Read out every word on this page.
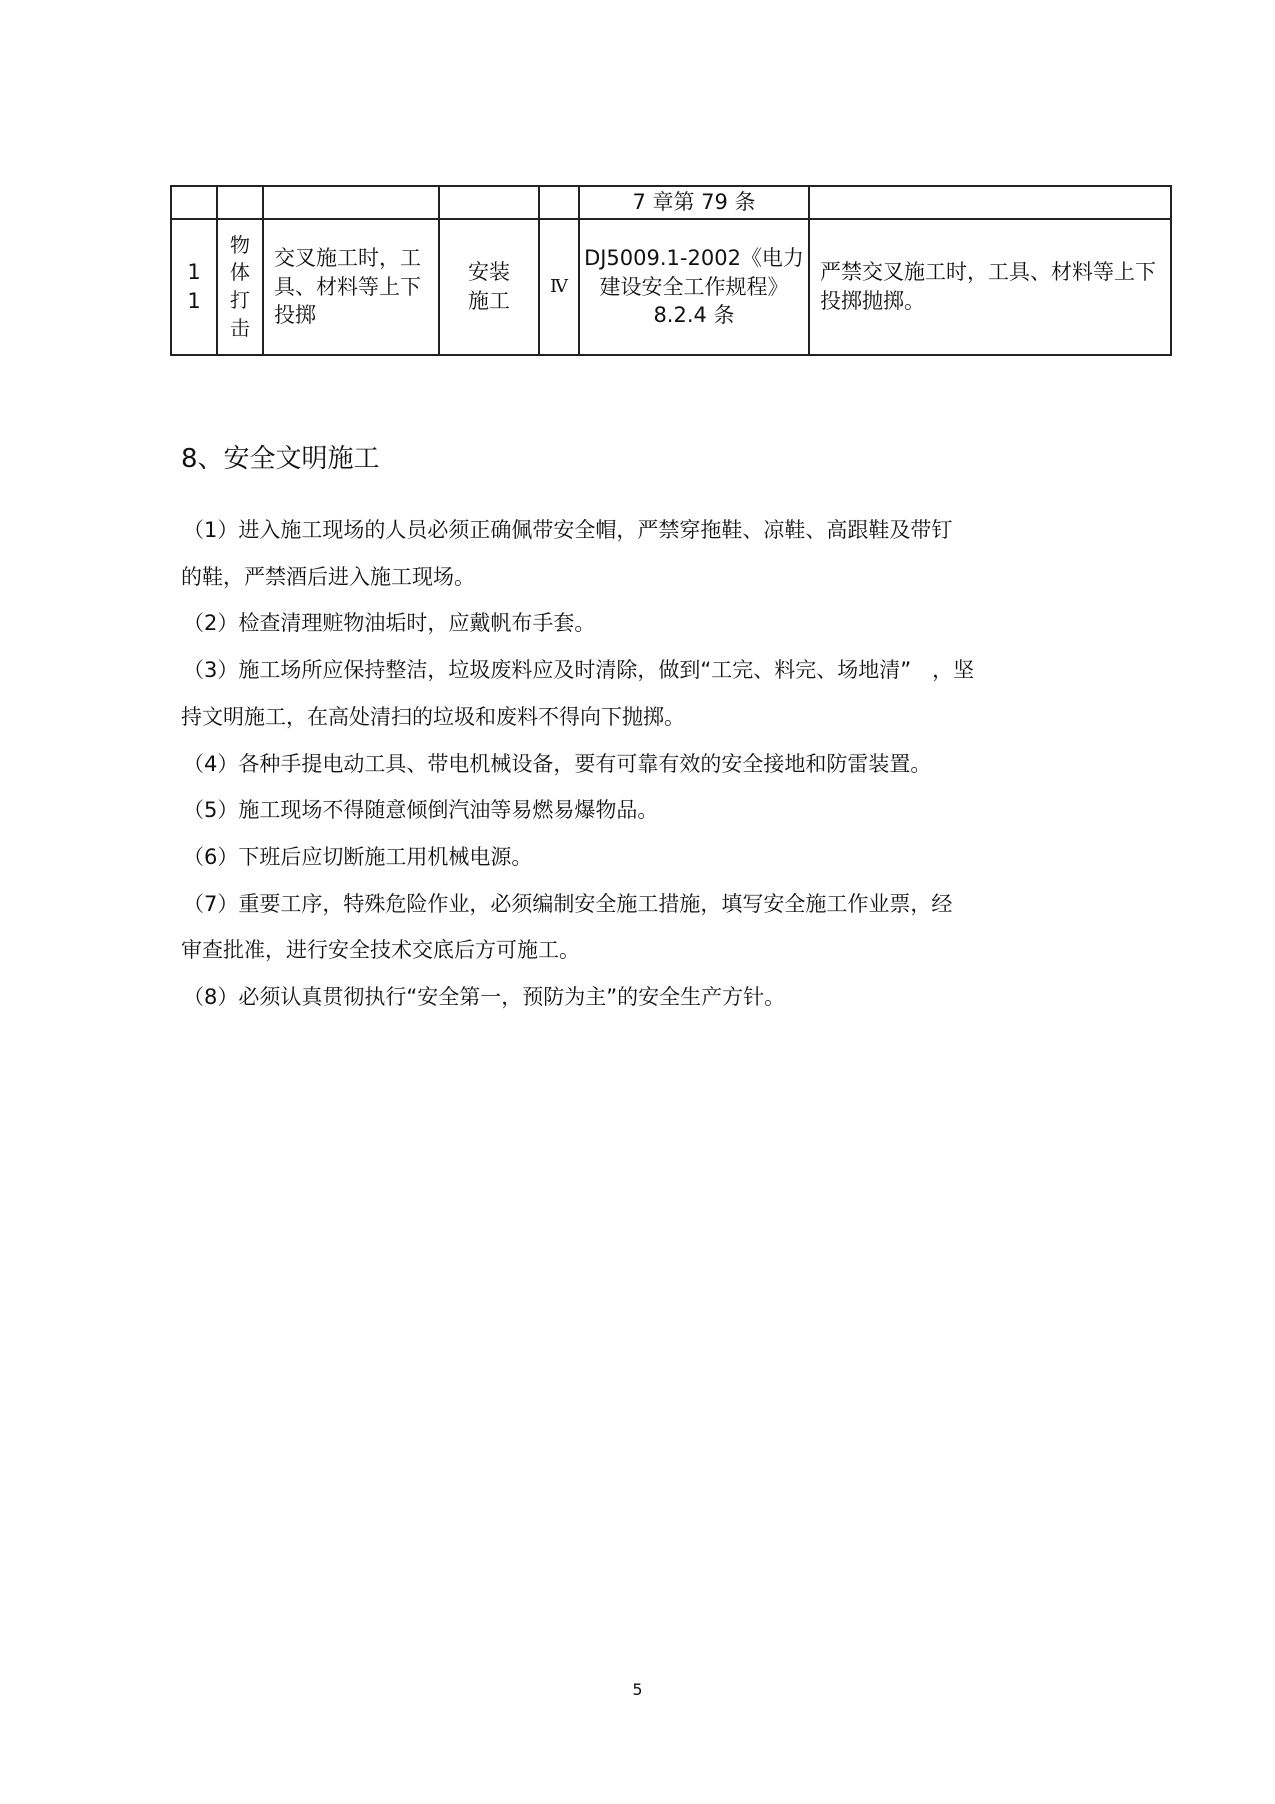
					7 章第 79 条	

1 1	物体打击	交叉施工时，工具、材料等上下投掷	安装施工	Ⅳ	DJ5009.1-2002《电力建设安全工作规程》8.2.4 条	严禁交叉施工时，工具、材料等上下投掷抛掷。
8、安全文明施工

（1）进入施工现场的人员必须正确佩带安全帽，严禁穿拖鞋、凉鞋、高跟鞋及带钉

的鞋，严禁酒后进入施工现场。

（2）检查清理赃物油垢时，应戴帆布手套。

（3）施工场所应保持整洁，垃圾废料应及时清除，做到“工完、料完、场地清”　，坚

持文明施工，在高处清扫的垃圾和废料不得向下抛掷。

（4）各种手提电动工具、带电机械设备，要有可靠有效的安全接地和防雷装置。

（5）施工现场不得随意倾倒汽油等易燃易爆物品。

（6）下班后应切断施工用机械电源。

（7）重要工序，特殊危险作业，必须编制安全施工措施，填写安全施工作业票，经

审查批准，进行安全技术交底后方可施工。

（8）必须认真贯彻执行“安全第一，预防为主”的安全生产方针。

5
